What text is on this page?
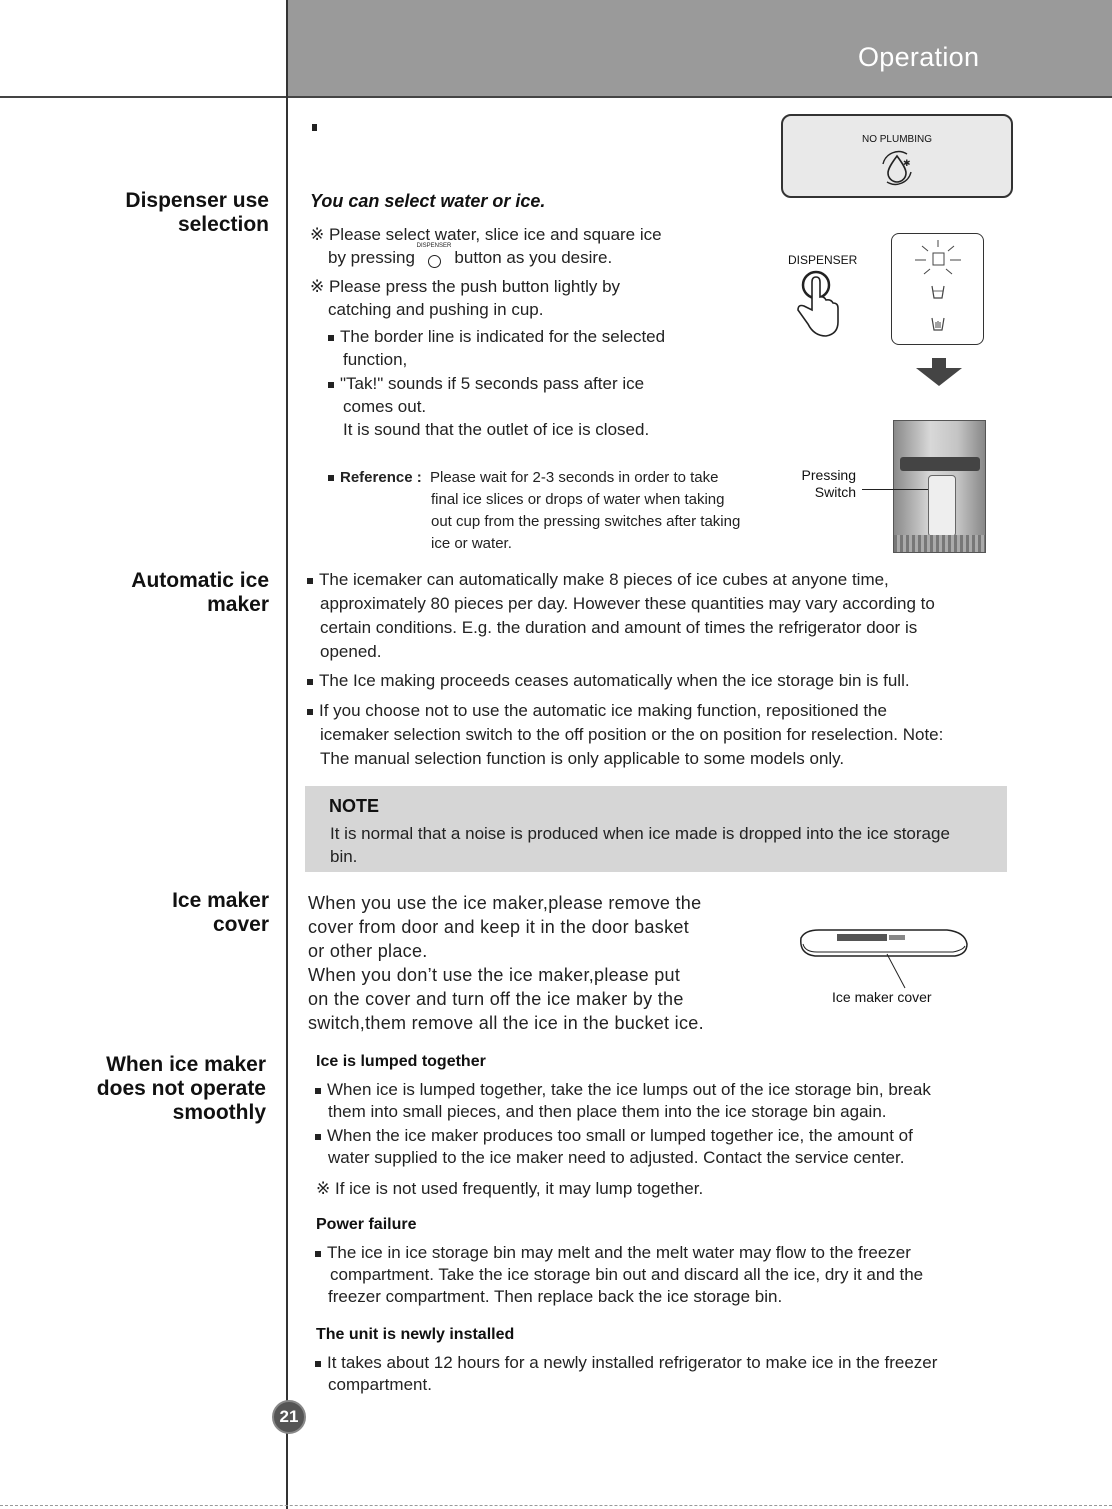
Operation
Dispenser use
selection
Automatic ice
maker
Ice maker
cover
When ice maker
does not operate
smoothly
NO PLUMBING
✱
You can select water or ice.
※ Please select water, slice ice and square ice
by pressing
DISPENSER
button as you desire.
※ Please press the push button lightly by
catching and pushing in cup.
The border line is indicated for the selected
function,
"Tak!" sounds if 5 seconds pass after ice
comes out.
It is sound that the outlet of ice is closed.
Reference : Please wait for 2-3 seconds in order to take
final ice slices or drops of water when taking
out cup from the pressing switches after taking
ice or water.
DISPENSER
Pressing
Switch
The icemaker can automatically make 8 pieces of ice cubes at anyone time,
approximately 80 pieces per day. However these quantities may vary according to
certain conditions. E.g. the duration and amount of times the refrigerator door is
opened.
The Ice making proceeds ceases automatically when the ice storage bin is full.
If you choose not to use the automatic ice making function, repositioned the
icemaker selection switch to the off position or the on position for reselection. Note:
The manual selection function is only applicable to some models only.
NOTE
It is normal that a noise is produced when ice made is dropped into the ice storage
bin.
When you use the ice maker,please remove the
cover from door and keep it in the door basket
or other place.
When you don’t use the ice maker,please put
on the cover and turn off the ice maker by the
switch,them remove all the ice in the bucket ice.
Ice maker cover
Ice is lumped together
When ice is lumped together, take the ice lumps out of the ice storage bin, break
them into small pieces, and then place them into the ice storage bin again.
When the ice maker produces too small or lumped together ice, the amount of
water supplied to the ice maker need to adjusted. Contact the service center.
※ If ice is not used frequently, it may lump together.
Power failure
The ice in ice storage bin may melt and the melt water may flow to the freezer
compartment. Take the ice storage bin out and discard all the ice, dry it and the
freezer compartment. Then replace back the ice storage bin.
The unit is newly installed
It takes about 12 hours for a newly installed refrigerator to make ice in the freezer
compartment.
21
